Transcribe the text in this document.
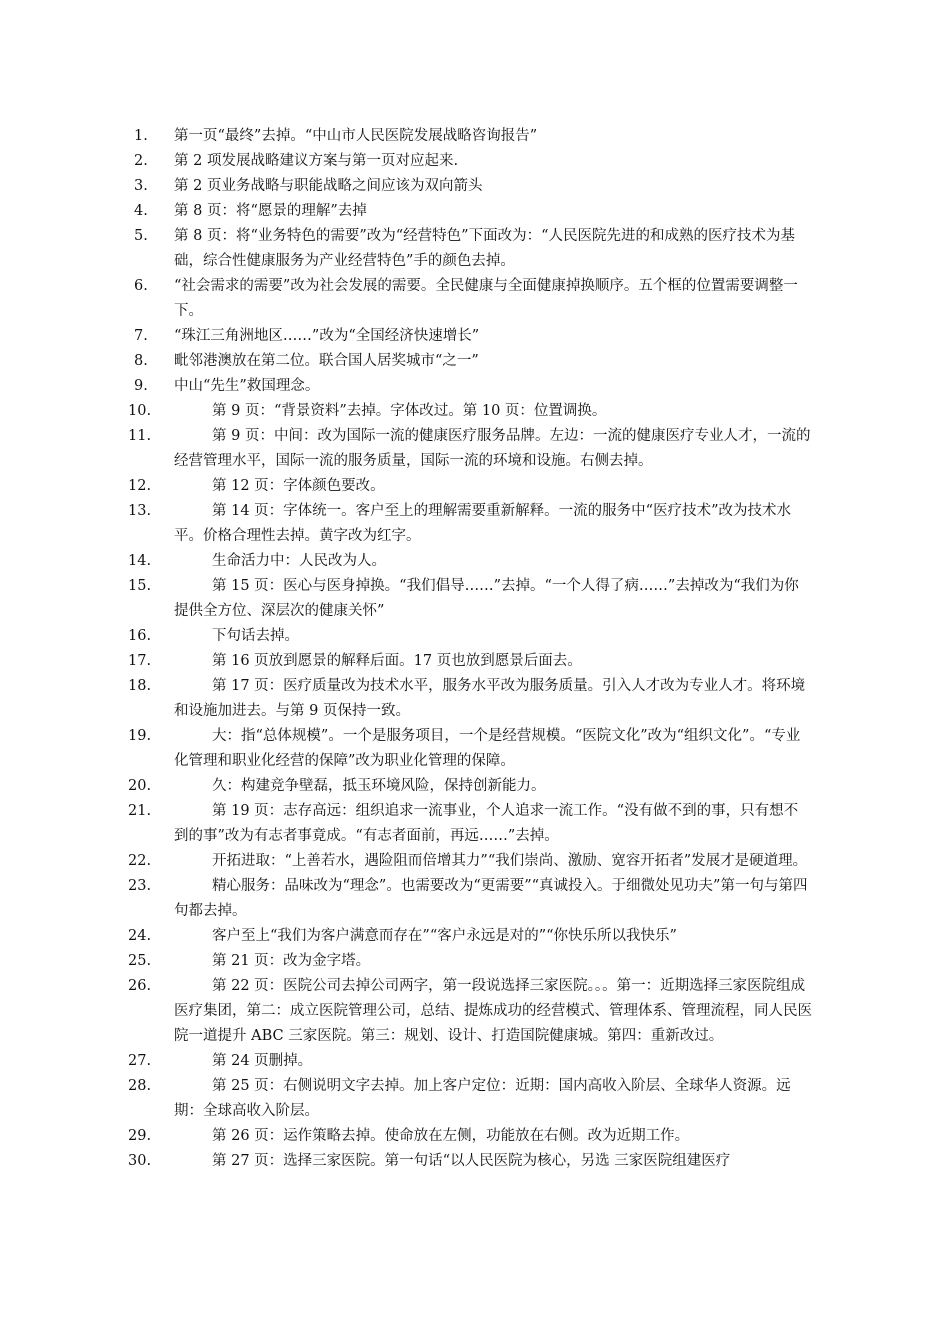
1.	第一页“最终”去掉。“中山市人民医院发展战略咨询报告”
2.	第 2 项发展战略建议方案与第一页对应起来.
3.	第 2 页业务战略与职能战略之间应该为双向箭头
4.	第 8 页：将“愿景的理解”去掉
5.	第 8 页：将“业务特色的需要”改为“经营特色”下面改为：“人民医院先进的和成熟的医疗技术为基础，综合性健康服务为产业经营特色”手的颜色去掉。
6.	“社会需求的需要”改为社会发展的需要。全民健康与全面健康掉换顺序。五个框的位置需要调整一下。
7.	“珠江三角洲地区……”改为“全国经济快速增长”
8.	毗邻港澳放在第二位。联合国人居奖城市“之一”
9.	中山“先生”救国理念。
10.	第 9 页：“背景资料”去掉。字体改过。第 10 页：位置调换。
11.	第 9 页：中间：改为国际一流的健康医疗服务品牌。左边：一流的健康医疗专业人才，一流的经营管理水平，国际一流的服务质量，国际一流的环境和设施。右侧去掉。
12.	第 12 页：字体颜色要改。
13.	第 14 页：字体统一。客户至上的理解需要重新解释。一流的服务中“医疗技术”改为技术水平。价格合理性去掉。黄字改为红字。
14.	生命活力中：人民改为人。
15.	第 15 页：医心与医身掉换。“我们倡导……”去掉。“一个人得了病……”去掉改为“我们为你提供全方位、深层次的健康关怀”
16.	下句话去掉。
17.	第 16 页放到愿景的解释后面。17 页也放到愿景后面去。
18.	第 17 页：医疗质量改为技术水平，服务水平改为服务质量。引入人才改为专业人才。将环境和设施加进去。与第 9 页保持一致。
19.	大：指“总体规模”。一个是服务项目，一个是经营规模。“医院文化”改为“组织文化”。“专业化管理和职业化经营的保障”改为职业化管理的保障。
20.	久：构建竞争壁磊，抵玉环境风险，保持创新能力。
21.	第 19 页：志存高远：组织追求一流事业，个人追求一流工作。“没有做不到的事，只有想不到的事”改为有志者事竟成。“有志者面前，再远……”去掉。
22.	开拓进取：“上善若水，遇险阻而倍增其力”“我们崇尚、激励、宽容开拓者”发展才是硬道理。
23.	精心服务：品味改为“理念”。也需要改为“更需要”“真诚投入。于细微处见功夫”第一句与第四句都去掉。
24.	客户至上“我们为客户满意而存在”“客户永远是对的”“你快乐所以我快乐”
25.	第 21 页：改为金字塔。
26.	第 22 页：医院公司去掉公司两字，第一段说选择三家医院。。。第一：近期选择三家医院组成医疗集团，第二：成立医院管理公司，总结、提炼成功的经营模式、管理体系、管理流程，同人民医院一道提升 ABC 三家医院。第三：规划、设计、打造国院健康城。第四：重新改过。
27.	第 24 页删掉。
28.	第 25 页：右侧说明文字去掉。加上客户定位：近期：国内高收入阶层、全球华人资源。远期：全球高收入阶层。
29.	第 26 页：运作策略去掉。使命放在左侧，功能放在右侧。改为近期工作。
30.	第 27 页：选择三家医院。第一句话“以人民医院为核心，另选 三家医院组建医疗
